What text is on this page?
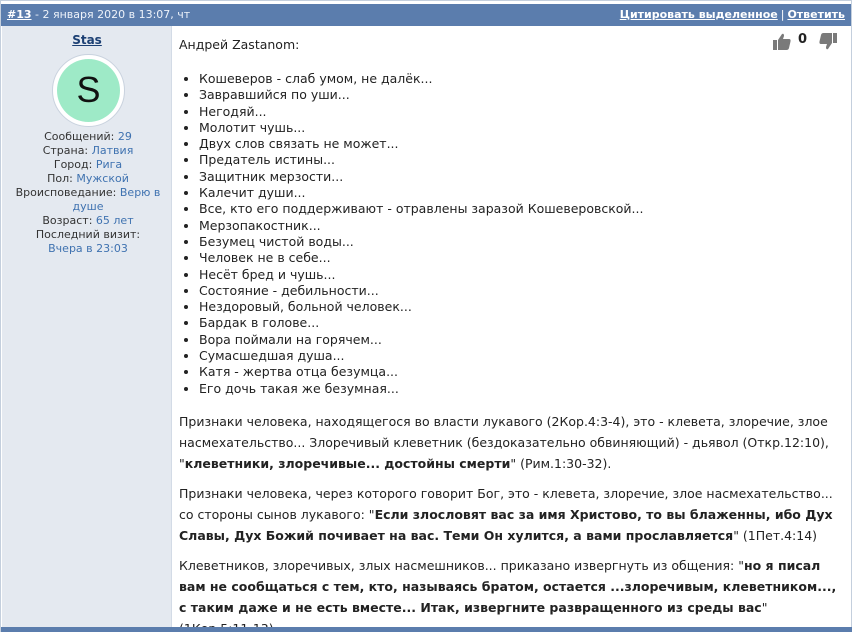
#13 - 2 января 2020 в 13:07, чт	Цитировать выделенное | Ответить
Stas
S
Сообщений: 29
Страна: Латвия
Город: Рига
Пол: Мужской
Вроисповедание: Верю в душе
Возраст: 65 лет
Последний визит:
Вчера в 23:03
0
Андрей Zastanom:
• Кошеверов - слаб умом, не далёк...
• Завравшийся по уши...
• Негодяй...
• Молотит чушь...
• Двух слов связать не может...
• Предатель истины...
• Защитник мерзости...
• Калечит души...
• Все, кто его поддерживают - отравлены заразой Кошеверовской...
• Мерзопакостник...
• Безумец чистой воды...
• Человек не в себе...
• Несёт бред и чушь...
• Состояние - дебильности...
• Нездоровый, больной человек...
• Бардак в голове...
• Вора поймали на горячем...
• Сумасшедшая душа...
• Катя - жертва отца безумца...
• Его дочь такая же безумная...

Признаки человека, находящегося во власти лукавого (2Кор.4:3-4), это - клевета, злоречие, злое насмехательство... Злоречивый клеветник (бездоказательно обвиняющий) - дьявол (Откр.12:10), "клеветники, злоречивые... достойны смерти" (Рим.1:30-32).

Признаки человека, через которого говорит Бог, это - клевета, злоречие, злое насмехательство... со стороны сынов лукавого: "Если злословят вас за имя Христово, то вы блаженны, ибо Дух Славы, Дух Божий почивает на вас. Теми Он хулится, а вами прославляется" (1Пет.4:14)

Клеветников, злоречивых, злых насмешников... приказано извергнуть из общения: "но я писал вам не сообщаться с тем, кто, называясь братом, остается ...злоречивым, клеветником..., с таким даже и не есть вместе... Итак, извергните развращенного из среды вас"
